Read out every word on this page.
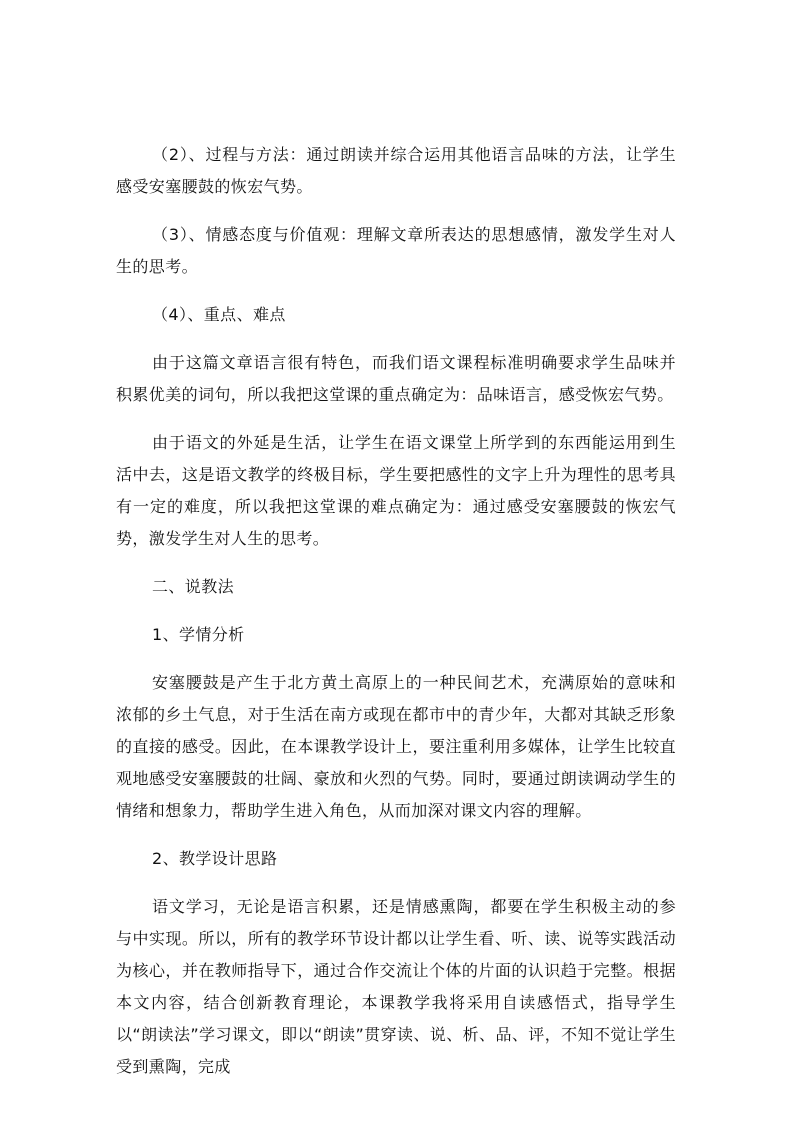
（2）、过程与方法：通过朗读并综合运用其他语言品味的方法，让学生感受安塞腰鼓的恢宏气势。

（3）、情感态度与价值观：理解文章所表达的思想感情，激发学生对人生的思考。

（4）、重点、难点

由于这篇文章语言很有特色，而我们语文课程标准明确要求学生品味并积累优美的词句，所以我把这堂课的重点确定为：品味语言，感受恢宏气势。

由于语文的外延是生活，让学生在语文课堂上所学到的东西能运用到生活中去，这是语文教学的终极目标，学生要把感性的文字上升为理性的思考具有一定的难度，所以我把这堂课的难点确定为：通过感受安塞腰鼓的恢宏气势，激发学生对人生的思考。

二、说教法

1、学情分析

安塞腰鼓是产生于北方黄土高原上的一种民间艺术，充满原始的意味和浓郁的乡土气息，对于生活在南方或现在都市中的青少年，大都对其缺乏形象的直接的感受。因此，在本课教学设计上，要注重利用多媒体，让学生比较直观地感受安塞腰鼓的壮阔、豪放和火烈的气势。同时，要通过朗读调动学生的情绪和想象力，帮助学生进入角色，从而加深对课文内容的理解。

2、教学设计思路

语文学习，无论是语言积累，还是情感熏陶，都要在学生积极主动的参与中实现。所以，所有的教学环节设计都以让学生看、听、读、说等实践活动为核心，并在教师指导下，通过合作交流让个体的片面的认识趋于完整。根据本文内容，结合创新教育理论，本课教学我将采用自读感悟式，指导学生以“朗读法”学习课文，即以“朗读”贯穿读、说、析、品、评，不知不觉让学生受到熏陶，完成
